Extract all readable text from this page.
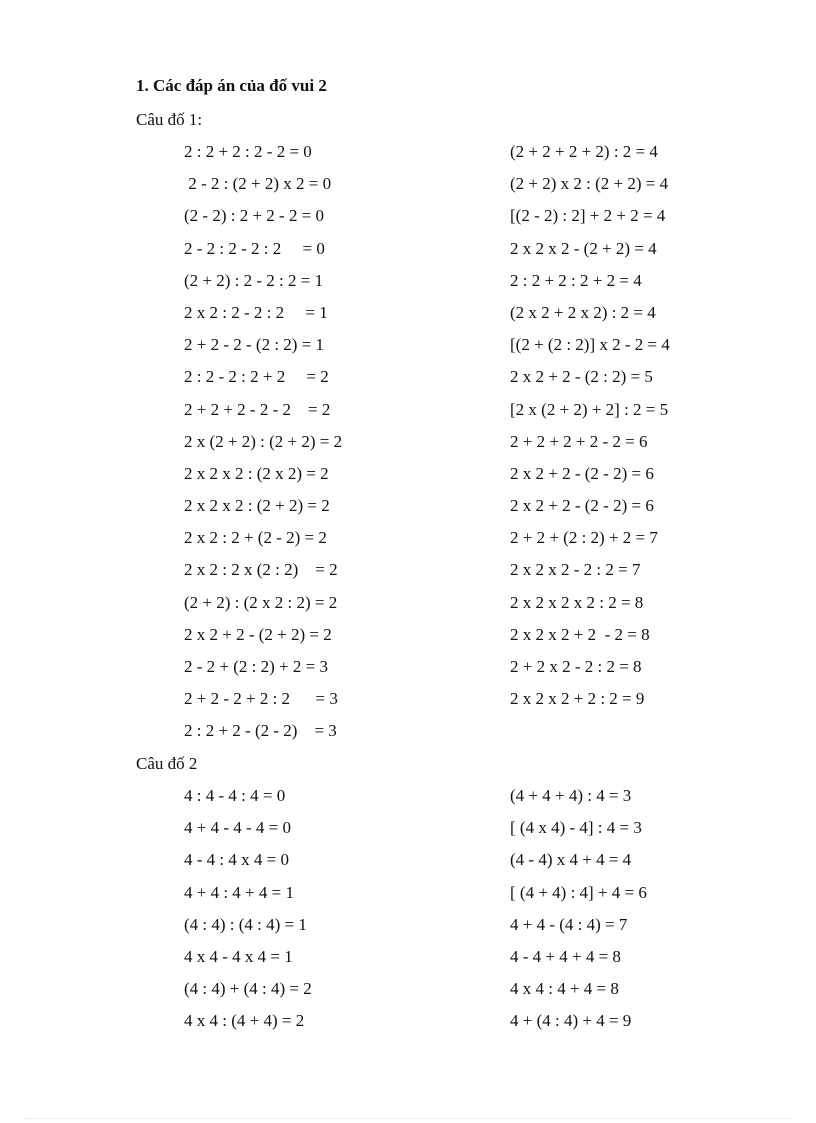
1. Các đáp án của đố vui 2
Câu đố 1:
2 : 2 + 2 : 2 - 2 = 0
2 - 2 : (2 + 2) x 2 = 0
(2 - 2) : 2 + 2 - 2 = 0
2 - 2 : 2 - 2 : 2     = 0
(2 + 2) : 2 - 2 : 2 = 1
2 x 2 : 2 - 2 : 2     = 1
2 + 2 - 2 - (2 : 2) = 1
2 : 2 - 2 : 2 + 2     = 2
2 + 2 + 2 - 2 - 2    = 2
2 x (2 + 2) : (2 + 2) = 2
2 x 2 x 2 : (2 x 2) = 2
2 x 2 x 2 : (2 + 2) = 2
2 x 2 : 2 + (2 - 2) = 2
2 x 2 : 2 x (2 : 2)    = 2
(2 + 2) : (2 x 2 : 2) = 2
2 x 2 + 2 - (2 + 2) = 2
2 - 2 + (2 : 2) + 2 = 3
2 + 2 - 2 + 2 : 2      = 3
2 : 2 + 2 - (2 - 2)    = 3
(2 + 2 + 2 + 2) : 2 = 4
(2 + 2) x 2 : (2 + 2) = 4
[(2 - 2) : 2] + 2 + 2 = 4
2 x 2 x 2 - (2 + 2) = 4
2 : 2 + 2 : 2 + 2 = 4
(2 x 2 + 2 x 2) : 2 = 4
[(2 + (2 : 2)] x 2 - 2 = 4
2 x 2 + 2 - (2 : 2) = 5
[2 x (2 + 2) + 2] : 2 = 5
2 + 2 + 2 + 2 - 2 = 6
2 x 2 + 2 - (2 - 2) = 6
2 x 2 + 2 - (2 - 2) = 6
2 + 2 + (2 : 2) + 2 = 7
2 x 2 x 2 - 2 : 2 = 7
2 x 2 x 2 x 2 : 2 = 8
2 x 2 x 2 + 2  - 2 = 8
2 + 2 x 2 - 2 : 2 = 8
2 x 2 x 2 + 2 : 2 = 9
Câu đố 2
4 : 4 - 4 : 4 = 0
4 + 4 - 4 - 4 = 0
4 - 4 : 4 x 4 = 0
4 + 4 : 4 + 4 = 1
(4 : 4) : (4 : 4) = 1
4 x 4 - 4 x 4 = 1
(4 : 4) + (4 : 4) = 2
4 x 4 : (4 + 4) = 2
(4 + 4 + 4) : 4 = 3
[ (4 x 4) - 4] : 4 = 3
(4 - 4) x 4 + 4 = 4
[ (4 + 4) : 4] + 4 = 6
4 + 4 - (4 : 4) = 7
4 - 4 + 4 + 4 = 8
4 x 4 : 4 + 4 = 8
4 + (4 : 4) + 4 = 9
